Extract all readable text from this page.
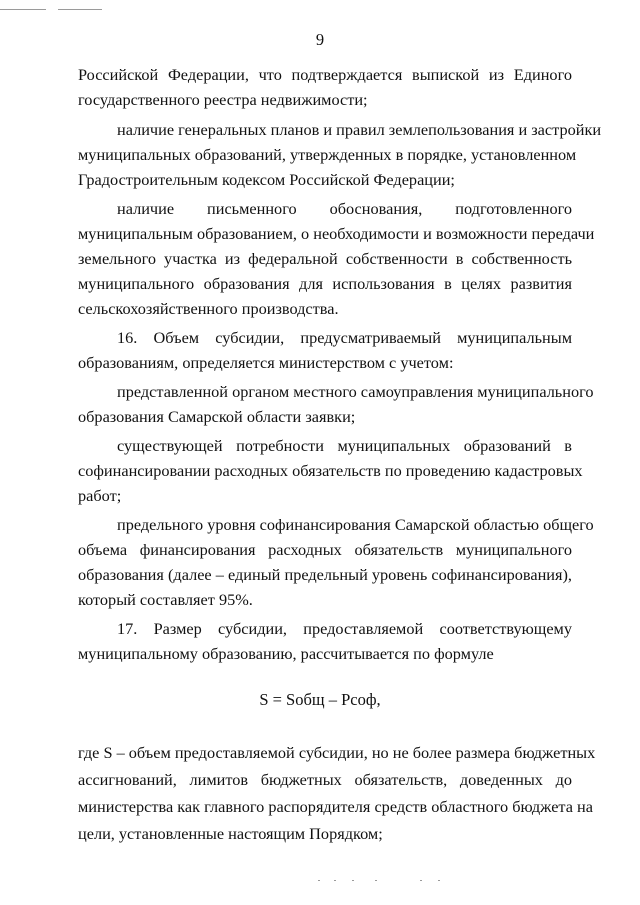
9
Российской Федерации, что подтверждается выпиской из Единого
государственного реестра недвижимости;
наличие генеральных планов и правил землепользования и застройки
муниципальных образований, утвержденных в порядке, установленном
Градостроительным кодексом Российской Федерации;
наличие письменного обоснования, подготовленного
муниципальным образованием, о необходимости и возможности передачи
земельного участка из федеральной собственности в собственность
муниципального образования для использования в целях развития
сельскохозяйственного производства.
16. Объем субсидии, предусматриваемый муниципальным
образованиям, определяется министерством с учетом:
представленной органом местного самоуправления муниципального
образования Самарской области заявки;
существующей потребности муниципальных образований в
софинансировании расходных обязательств по проведению кадастровых
работ;
предельного уровня софинансирования Самарской областью общего
объема финансирования расходных обязательств муниципального
образования (далее – единый предельный уровень софинансирования),
который составляет 95%.
17. Размер субсидии, предоставляемой соответствующему
муниципальному образованию, рассчитывается по формуле
где S – объем предоставляемой субсидии, но не более размера бюджетных
ассигнований, лимитов бюджетных обязательств, доведенных до
министерства как главного распорядителя средств областного бюджета на
цели, установленные настоящим Порядком;
S = Sобщ – Рсоф,
